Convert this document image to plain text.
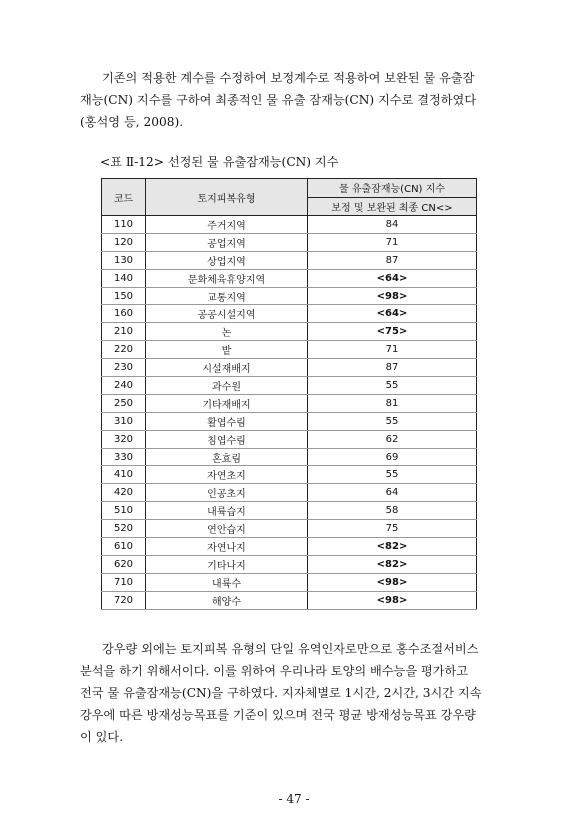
기존의 적용한 계수를 수정하여 보정계수로 적용하여 보완된 물 유출잠
재능(CN) 지수를 구하여 최종적인 물 유출 잠재능(CN) 지수로 결정하였다
(홍석영 등, 2008).

<표 Ⅱ-12> 선정된 물 유출잠재능(CN) 지수
코드	토지피복유형	물 유출잠재능(CN) 지수
		보정 및 보완된 최종 CN<>
110	주거지역	84
120	공업지역	71
130	상업지역	87
140	문화체육휴양지역	<64>
150	교통지역	<98>
160	공공시설지역	<64>
210	논	<75>
220	밭	71
230	시설재배지	87
240	과수원	55
250	기타재배지	81
310	활엽수림	55
320	침엽수림	62
330	혼효림	69
410	자연초지	55
420	인공초지	64
510	내륙습지	58
520	연안습지	75
610	자연나지	<82>
620	기타나지	<82>
710	내륙수	<98>
720	해양수	<98>

강우량 외에는 토지피복 유형의 단일 유역인자로만으로 홍수조절서비스
분석을 하기 위해서이다. 이를 위하여 우리나라 토양의 배수능을 평가하고
전국 물 유출잠재능(CN)을 구하였다. 지자체별로 1시간, 2시간, 3시간 지속
강우에 따른 방재성능목표를 기준이 있으며 전국 평균 방재성능목표 강우량
이 있다.

- 47 -
